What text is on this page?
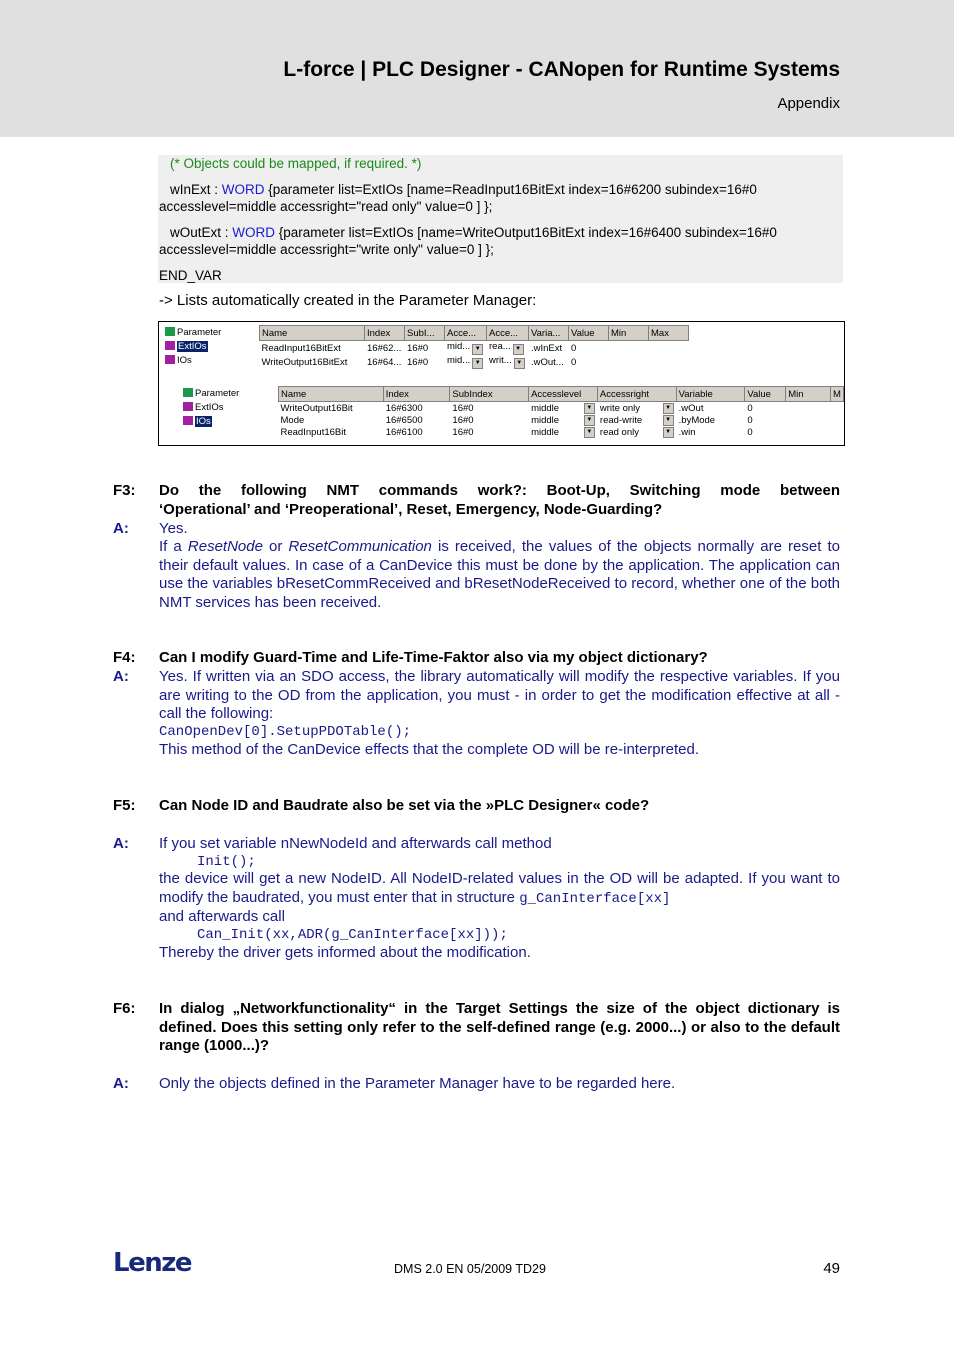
L-force | PLC Designer - CANopen for Runtime Systems
Appendix
(* Objects could be mapped, if required. *)
wInExt : WORD {parameter list=ExtIOs [name=ReadInput16BitExt index=16#6200 subindex=16#0
accesslevel=middle accessright="read only" value=0 ] };
wOutExt : WORD {parameter list=ExtIOs [name=WriteOutput16BitExt index=16#6400 subindex=16#0
accesslevel=middle accessright="write only" value=0 ] };
END_VAR
-> Lists automatically created in the Parameter Manager:
Parameter
ExtIOs
IOs
Name	Index	SubI...	Acce...	Acce...	Varia...	Value	Min	Max
ReadInput16BitExt	16#62...	16#0	mid... ▼	rea... ▼	.wInExt	0		
WriteOutput16BitExt	16#64...	16#0	mid... ▼	writ... ▼	.wOut...	0		
Parameter
ExtIOs
IOs
Name	Index	SubIndex	Accesslevel	Accessright	Variable	Value	Min	M
WriteOutput16Bit	16#6300	16#0	middle ▼	write only ▼	.wOut	0		
Mode	16#6500	16#0	middle ▼	read-write ▼	.byMode	0		
ReadInput16Bit	16#6100	16#0	middle ▼	read only ▼	.win	0		
F3: Do the following NMT commands work?: Boot-Up, Switching mode between
‘Operational’ and ‘Preoperational’, Reset, Emergency, Node-Guarding?
A: Yes.
If a ResetNode or ResetCommunication is received, the values of the objects normally are reset to their default values. In case of a CanDevice this must be done by the application. The application can use the variables bResetCommReceived and bResetNodeReceived to record, whether one of the both NMT services has been received.
F4: Can I modify Guard-Time and Life-Time-Faktor also via my object dictionary?
A: Yes. If written via an SDO access, the library automatically will modify the respective variables. If you are writing to the OD from the application, you must - in order to get the modification effective at all - call the following:
CanOpenDev[0].SetupPDOTable();
This method of the CanDevice effects that the complete OD will be re-interpreted.
F5: Can Node ID and Baudrate also be set via the »PLC Designer« code?
A: If you set variable nNewNodeId and afterwards call method
Init();
the device will get a new NodeID. All NodeID-related values in the OD will be adapted. If you want to modify the baudrated, you must enter that in structure g_CanInterface[xx]
and afterwards call
Can_Init(xx,ADR(g_CanInterface[xx]));
Thereby the driver gets informed about the modification.
F6: In dialog „Networkfunctionality“ in the Target Settings the size of the object dictionary is defined. Does this setting only refer to the self-defined range (e.g. 2000...) or also to the default range (1000...)?
A: Only the objects defined in the Parameter Manager have to be regarded here.
Lenze	DMS 2.0 EN 05/2009 TD29	49
